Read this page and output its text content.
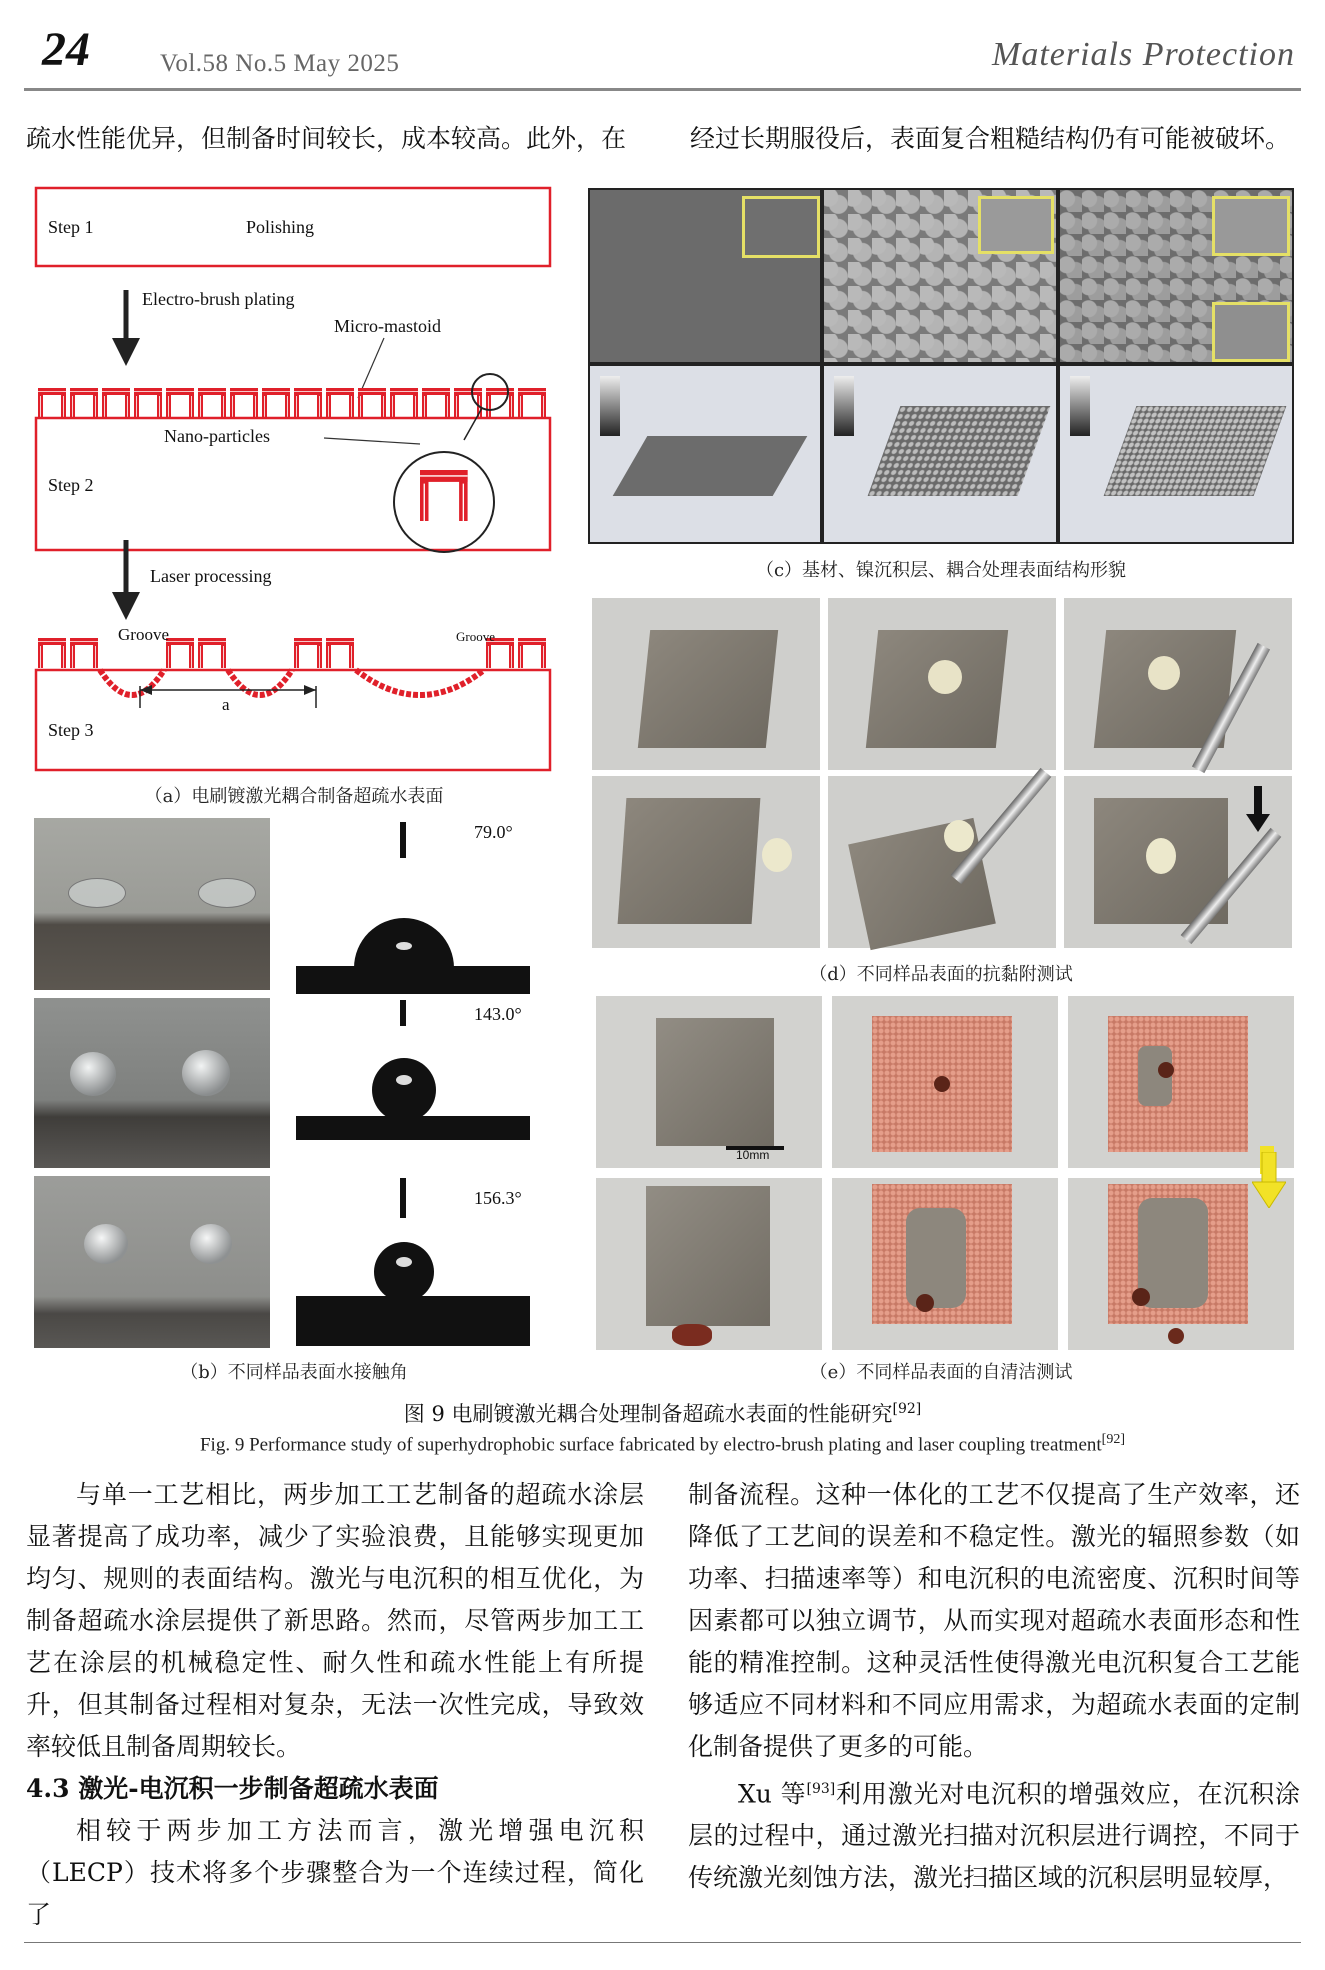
24	Vol.58 No.5 May 2025	Materials Protection
疏水性能优异，但制备时间较长，成本较高。此外，在	经过长期服役后，表面复合粗糙结构仍有可能被破坏。
Step 1	Polishing
Electro-brush plating
Micro-mastoid
Nano-particles
Step 2
Laser processing
Groove	Groove
a
Step 3
（a）电刷镀激光耦合制备超疏水表面
79.0°
143.0°
156.3°
（b）不同样品表面水接触角
（c）基材、镍沉积层、耦合处理表面结构形貌
（d）不同样品表面的抗黏附测试
10mm
（e）不同样品表面的自清洁测试
图 9 电刷镀激光耦合处理制备超疏水表面的性能研究[92]
Fig. 9 Performance study of superhydrophobic surface fabricated by electro-brush plating and laser coupling treatment[92]
与单一工艺相比，两步加工工艺制备的超疏水涂层显著提高了成功率，减少了实验浪费，且能够实现更加均匀、规则的表面结构。激光与电沉积的相互优化，为制备超疏水涂层提供了新思路。然而，尽管两步加工工艺在涂层的机械稳定性、耐久性和疏水性能上有所提升，但其制备过程相对复杂，无法一次性完成，导致效率较低且制备周期较长。
4.3 激光-电沉积一步制备超疏水表面
相较于两步加工方法而言，激光增强电沉积（LECP）技术将多个步骤整合为一个连续过程，简化了
制备流程。这种一体化的工艺不仅提高了生产效率，还降低了工艺间的误差和不稳定性。激光的辐照参数（如功率、扫描速率等）和电沉积的电流密度、沉积时间等因素都可以独立调节，从而实现对超疏水表面形态和性能的精准控制。这种灵活性使得激光电沉积复合工艺能够适应不同材料和不同应用需求，为超疏水表面的定制化制备提供了更多的可能。
Xu 等[93]利用激光对电沉积的增强效应，在沉积涂层的过程中，通过激光扫描对沉积层进行调控，不同于传统激光刻蚀方法，激光扫描区域的沉积层明显较厚，
